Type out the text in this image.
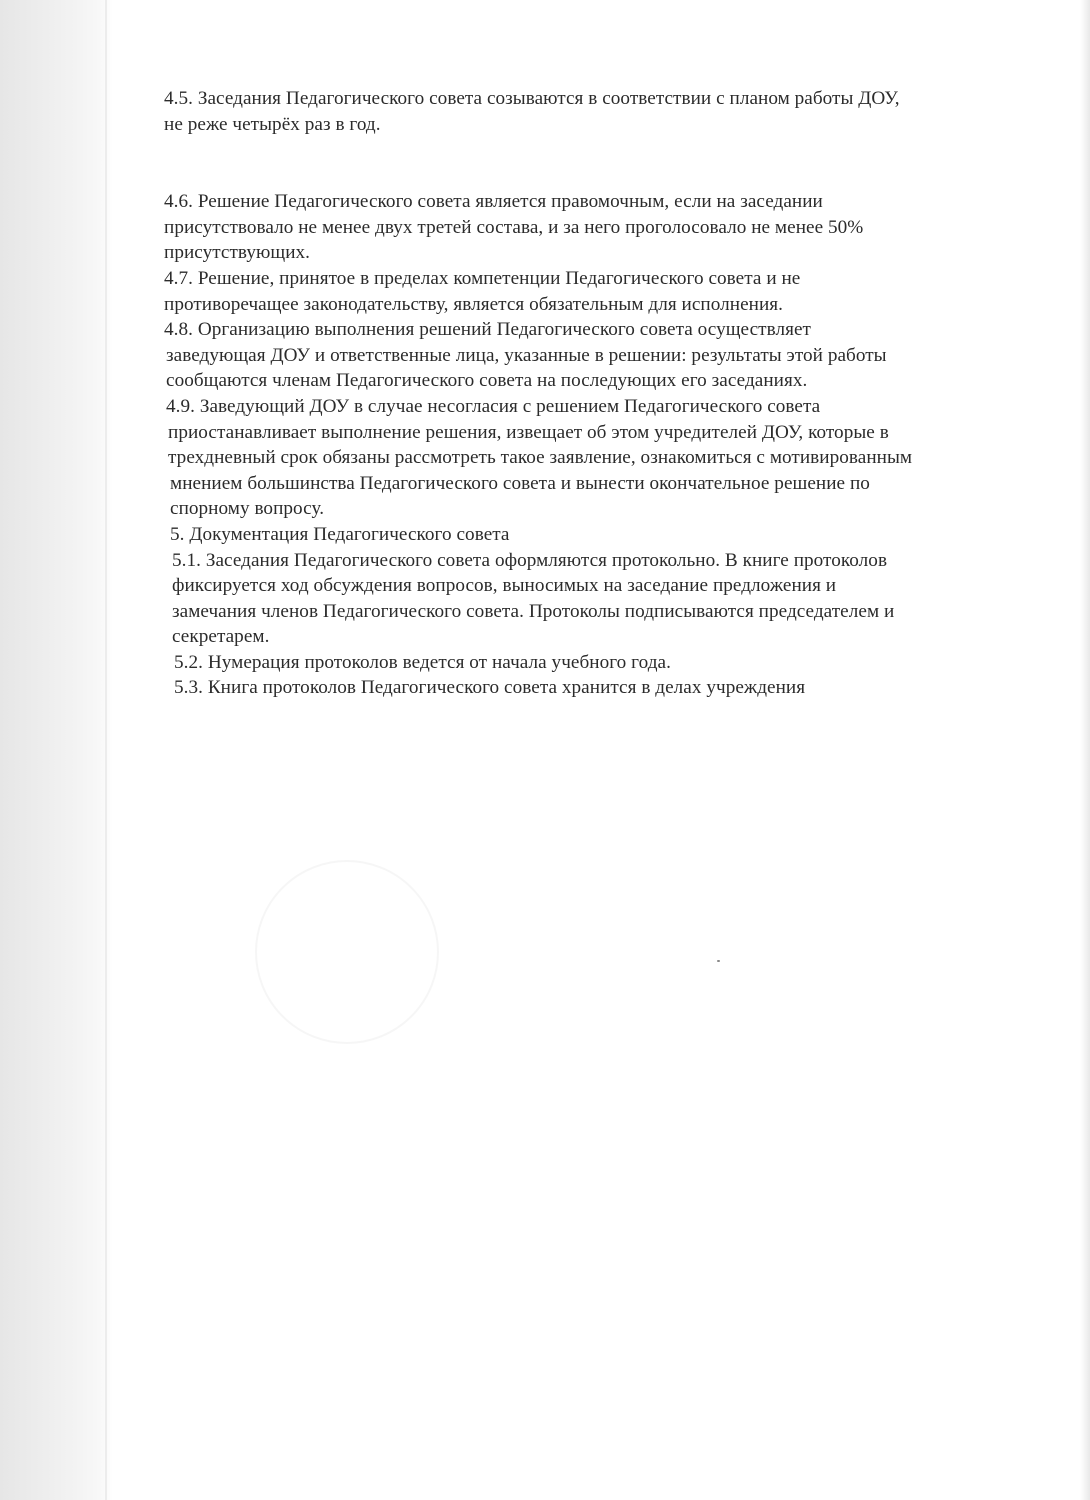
4.5. Заседания Педагогического совета созываются в соответствии с планом работы ДОУ,
не реже четырёх раз в год.
4.6. Решение Педагогического совета является правомочным, если на заседании
присутствовало не менее двух третей состава, и за него проголосовало не менее 50%
присутствующих.
4.7. Решение, принятое в пределах компетенции Педагогического совета и не
противоречащее законодательству, является обязательным для исполнения.
4.8. Организацию выполнения решений Педагогического совета осуществляет
заведующая ДОУ и ответственные лица, указанные в решении: результаты этой работы
сообщаются членам Педагогического совета на последующих его заседаниях.
4.9. Заведующий ДОУ в случае несогласия с решением Педагогического совета
приостанавливает выполнение решения, извещает об этом учредителей ДОУ, которые в
трехдневный срок обязаны рассмотреть такое заявление, ознакомиться с мотивированным
мнением большинства Педагогического совета и вынести окончательное решение по
спорному вопросу.
5. Документация Педагогического совета
5.1. Заседания Педагогического совета оформляются протокольно. В книге протоколов
фиксируется ход обсуждения вопросов, выносимых на заседание предложения и
замечания членов Педагогического совета. Протоколы подписываются председателем и
секретарем.
5.2. Нумерация протоколов ведется от начала учебного года.
5.3. Книга протоколов Педагогического совета хранится в делах учреждения
